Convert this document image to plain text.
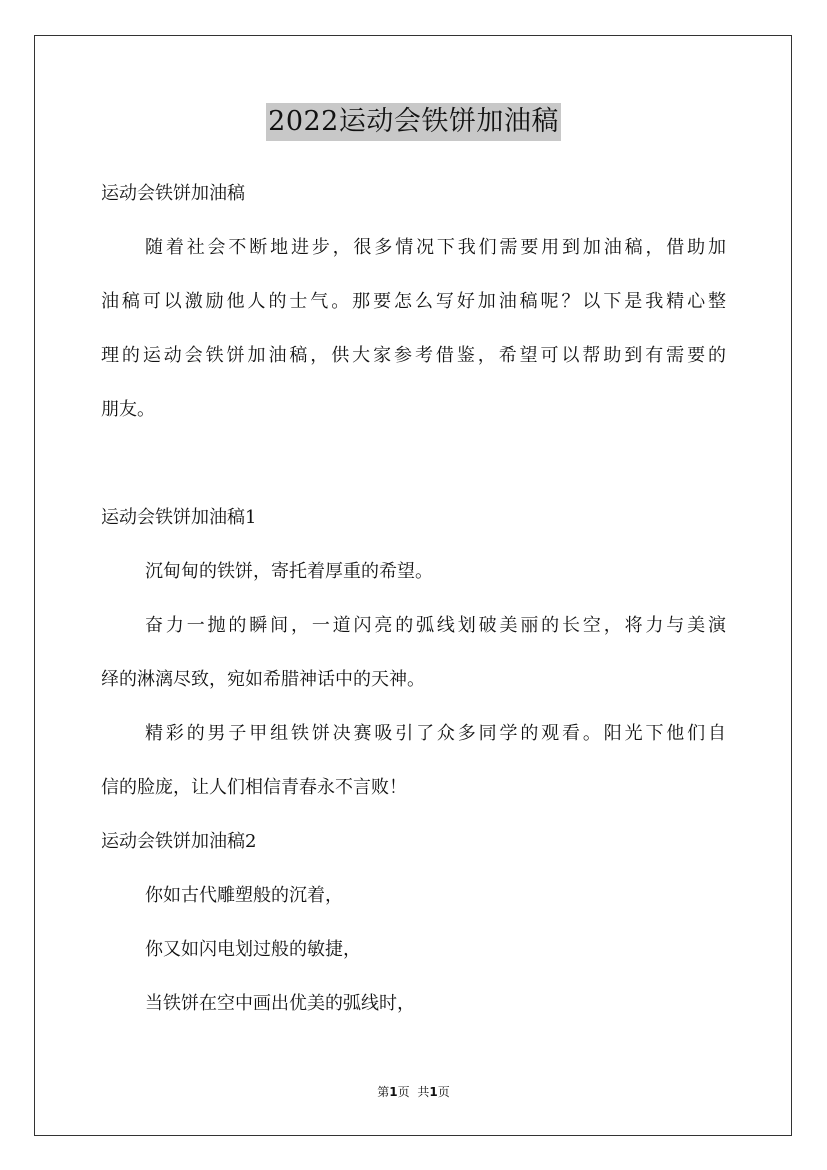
2022运动会铁饼加油稿
运动会铁饼加油稿
随着社会不断地进步，很多情况下我们需要用到加油稿，借助加
油稿可以激励他人的士气。那要怎么写好加油稿呢？以下是我精心整
理的运动会铁饼加油稿，供大家参考借鉴，希望可以帮助到有需要的
朋友。
运动会铁饼加油稿1
沉甸甸的铁饼，寄托着厚重的希望。
奋力一抛的瞬间，一道闪亮的弧线划破美丽的长空，将力与美演
绎的淋漓尽致，宛如希腊神话中的天神。
精彩的男子甲组铁饼决赛吸引了众多同学的观看。阳光下他们自
信的脸庞，让人们相信青春永不言败！
运动会铁饼加油稿2
你如古代雕塑般的沉着，
你又如闪电划过般的敏捷，
当铁饼在空中画出优美的弧线时，
第1页 共1页
